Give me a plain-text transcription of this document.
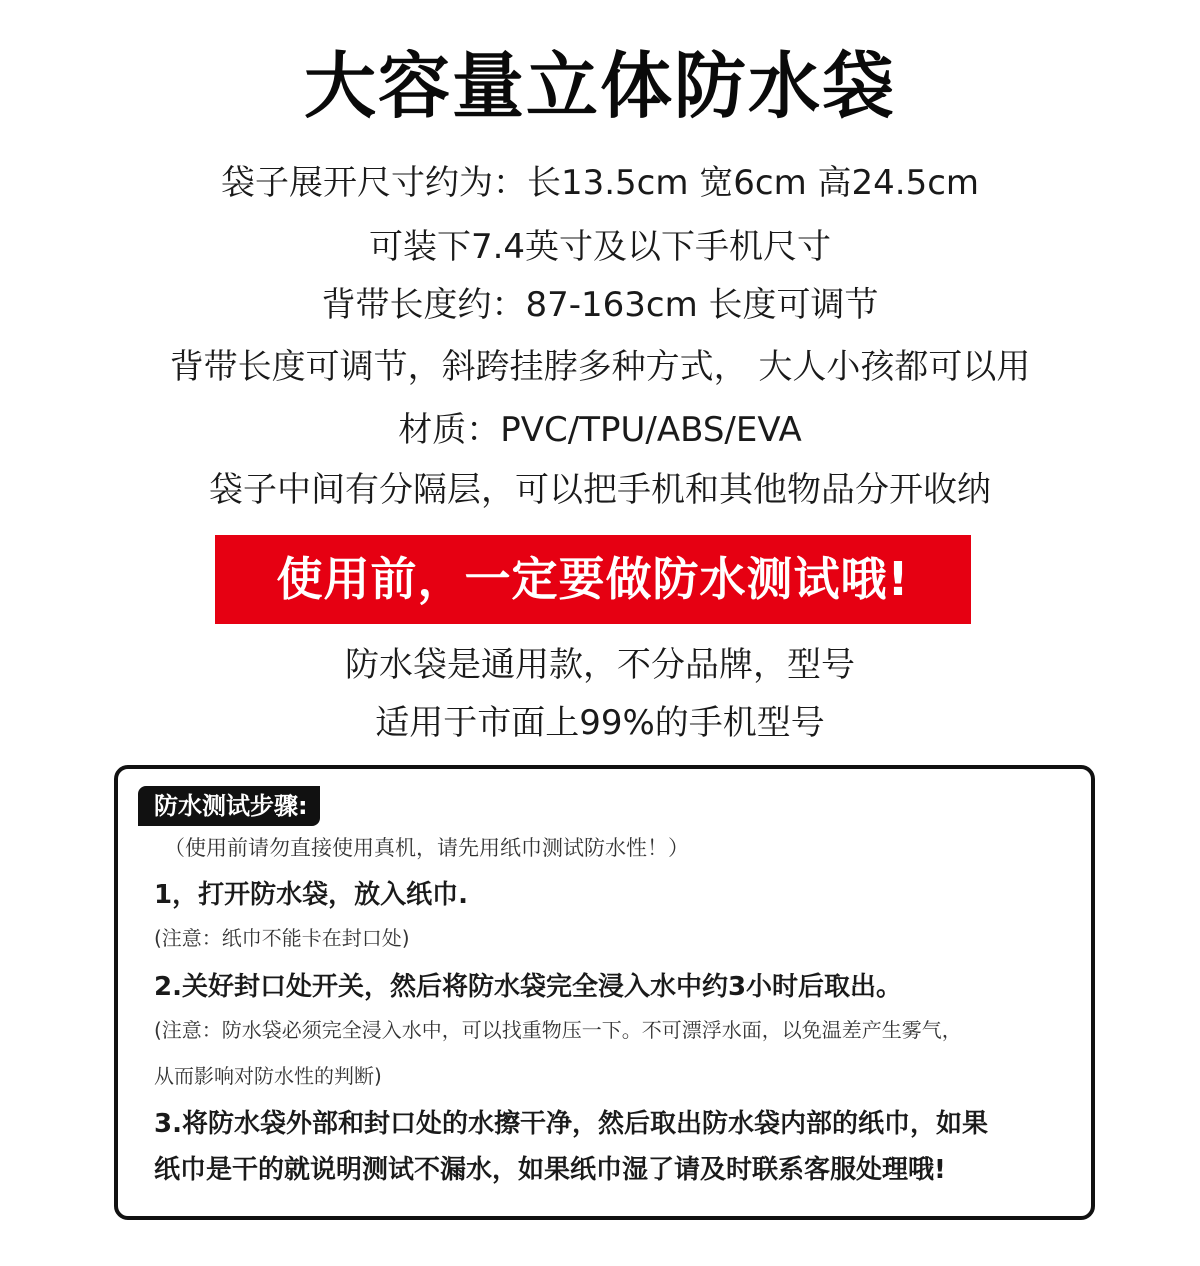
大容量立体防水袋
袋子展开尺寸约为：长13.5cm 宽6cm 高24.5cm
可装下7.4英寸及以下手机尺寸
背带长度约：87-163cm 长度可调节
背带长度可调节，斜跨挂脖多种方式， 大人小孩都可以用
材质：PVC/TPU/ABS/EVA
袋子中间有分隔层，可以把手机和其他物品分开收纳
使用前，一定要做防水测试哦!
防水袋是通用款，不分品牌，型号
适用于市面上99%的手机型号
防水测试步骤:
（使用前请勿直接使用真机，请先用纸巾测试防水性！）
1，打开防水袋，放入纸巾.
(注意：纸巾不能卡在封口处)
2.关好封口处开关，然后将防水袋完全浸入水中约3小时后取出。
(注意：防水袋必须完全浸入水中，可以找重物压一下。不可漂浮水面，以免温差产生雾气，
从而影响对防水性的判断)
3.将防水袋外部和封口处的水擦干净，然后取出防水袋内部的纸巾，如果
纸巾是干的就说明测试不漏水，如果纸巾湿了请及时联系客服处理哦!
